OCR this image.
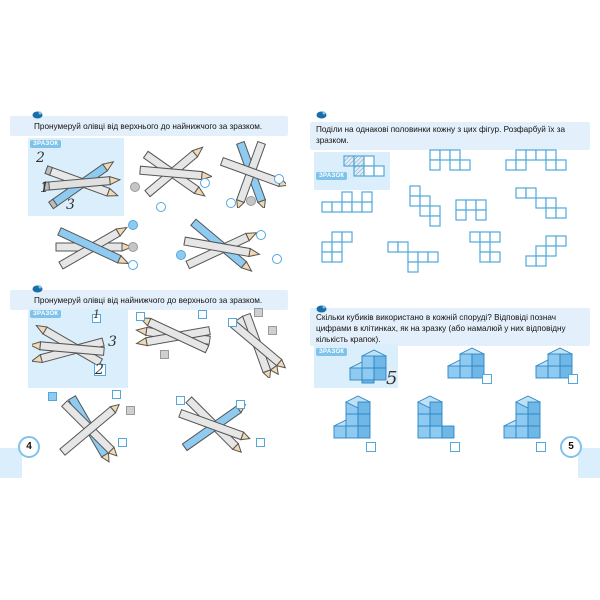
Пронумеруй олівці від верхнього до найнижчого за зразком.
ЗРАЗОК
2
1
3
Пронумеруй олівці від найнижчого до верхнього за зразком.
ЗРАЗОК	1
3
2
4
Поділи на однакові половинки кожну з цих фігур. Розфарбуй їх за зразком.
ЗРАЗОК
Скільки кубиків використано в кожній споруді? Відповіді познач цифрами в клітинках, як на зразку (або намалюй у них відповідну кількість крапок).
ЗРАЗОК
5
5
